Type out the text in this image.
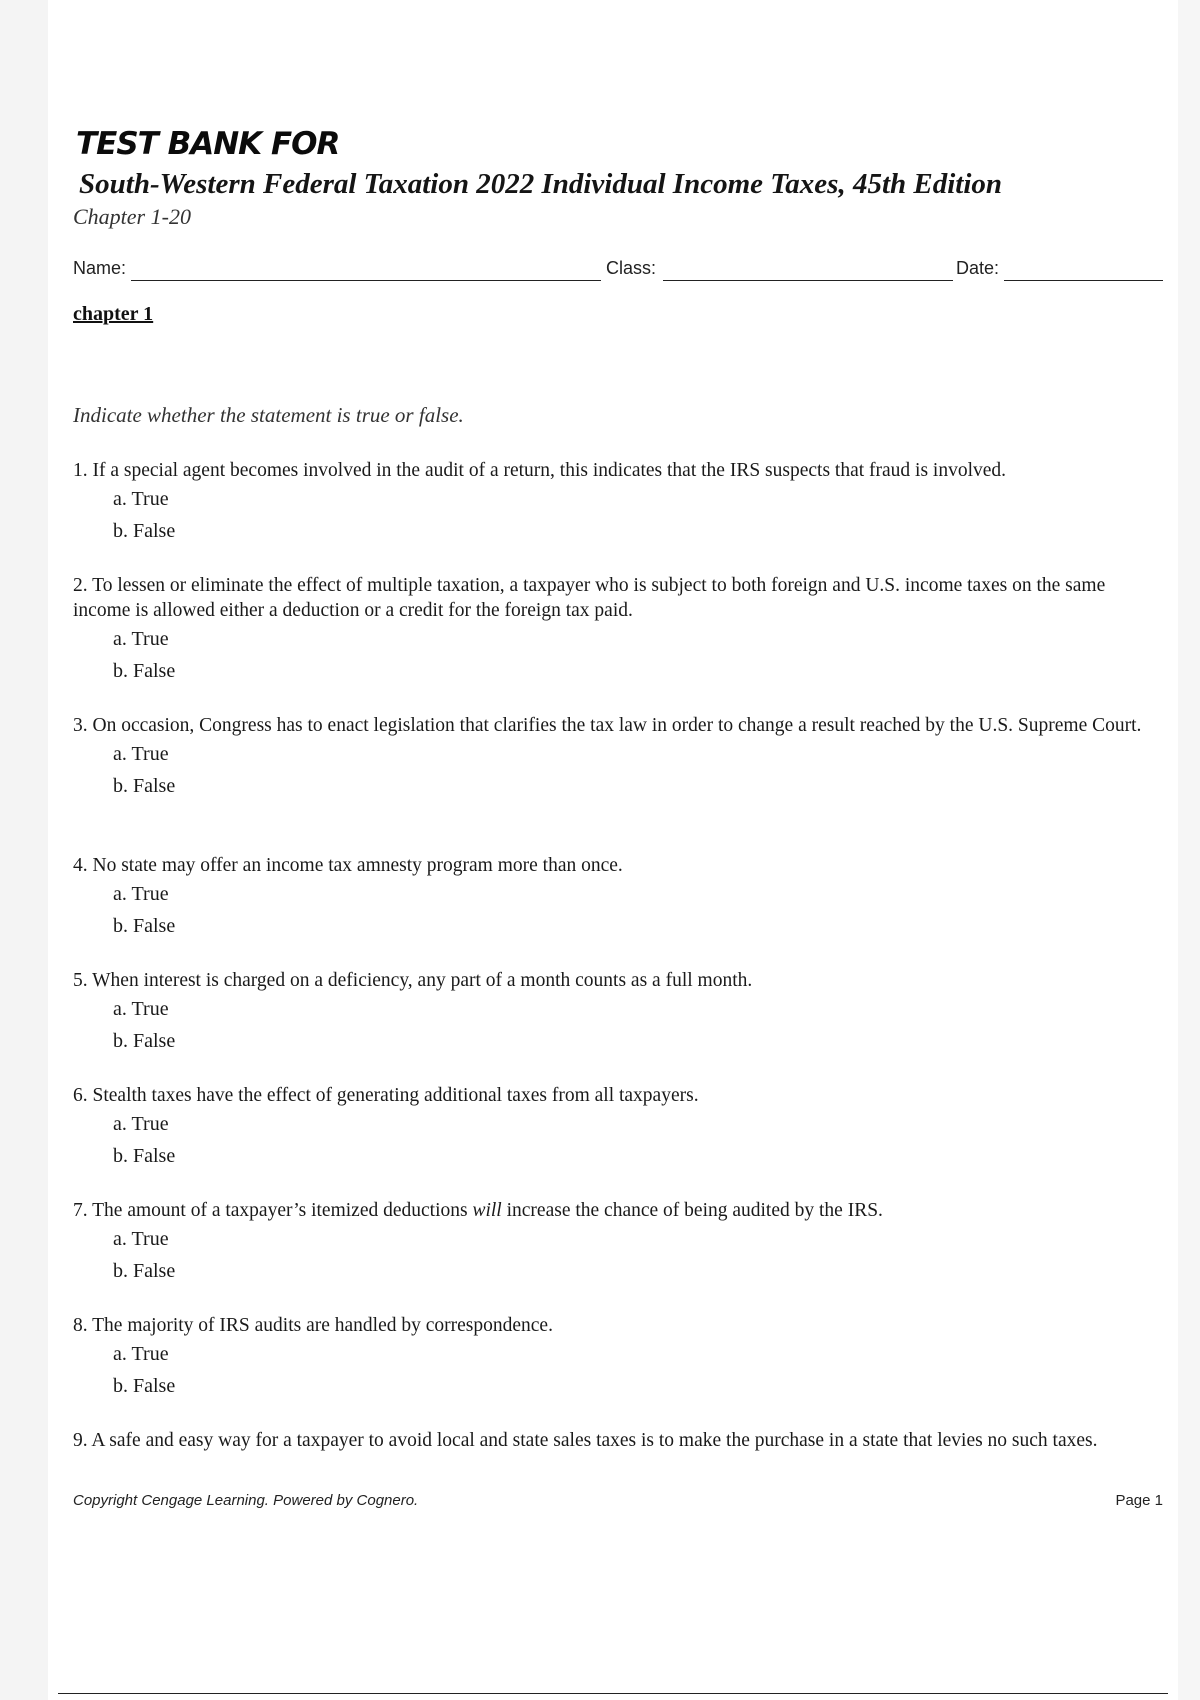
TEST BANK FOR
South-Western Federal Taxation 2022 Individual Income Taxes, 45th Edition
Chapter 1-20
Name:	Class:	Date:
chapter 1
Indicate whether the statement is true or false.
1. If a special agent becomes involved in the audit of a return, this indicates that the IRS suspects that fraud is involved.
a. True
b. False
2. To lessen or eliminate the effect of multiple taxation, a taxpayer who is subject to both foreign and U.S. income taxes on the same income is allowed either a deduction or a credit for the foreign tax paid.
a. True
b. False
3. On occasion, Congress has to enact legislation that clarifies the tax law in order to change a result reached by the U.S. Supreme Court.
a. True
b. False
4. No state may offer an income tax amnesty program more than once.
a. True
b. False
5. When interest is charged on a deficiency, any part of a month counts as a full month.
a. True
b. False
6. Stealth taxes have the effect of generating additional taxes from all taxpayers.
a. True
b. False
7. The amount of a taxpayer’s itemized deductions will increase the chance of being audited by the IRS.
a. True
b. False
8. The majority of IRS audits are handled by correspondence.
a. True
b. False
9. A safe and easy way for a taxpayer to avoid local and state sales taxes is to make the purchase in a state that levies no such taxes.
Copyright Cengage Learning. Powered by Cognero.	Page 1
